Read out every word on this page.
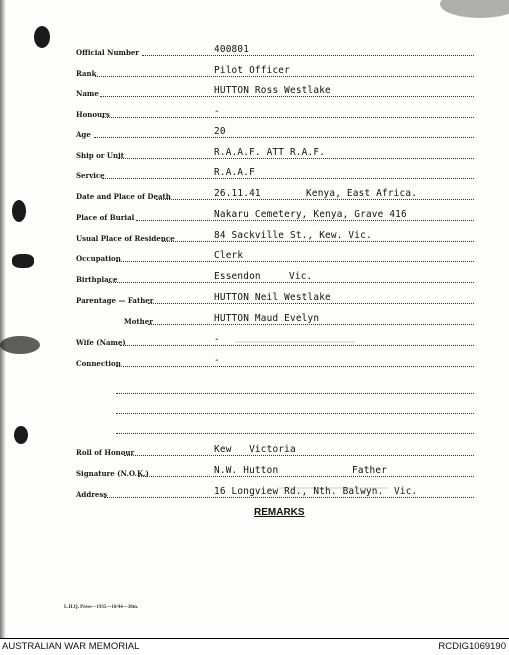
Official Number	400801
Rank	Pilot Officer
Name	HUTTON Ross Westlake
Honours	-
Age	20
Ship or Unit	R.A.A.F. ATT R.A.F.
Service	R.A.A.F
Date and Place of Death	26.11.41	Kenya, East Africa.
Place of Burial	Nakaru Cemetery, Kenya, Grave 416
Usual Place of Residence	84 Sackville St., Kew. Vic.
Occupation	Clerk
Birthplace	Essendon	Vic.
Parentage — Father	HUTTON Neil Westlake
Mother	HUTTON Maud Evelyn
Wife (Name)	-
Connection	-
Roll of Honour	Kew   Victoria
Signature (N.O.K.)	N.W. Hutton	Father
Address	16 Longview Rd., Nth. Balwyn. Vic.
REMARKS
L.H.Q. Press—1935—10/44—30m.
AUSTRALIAN WAR MEMORIAL	RCDIG1069190
